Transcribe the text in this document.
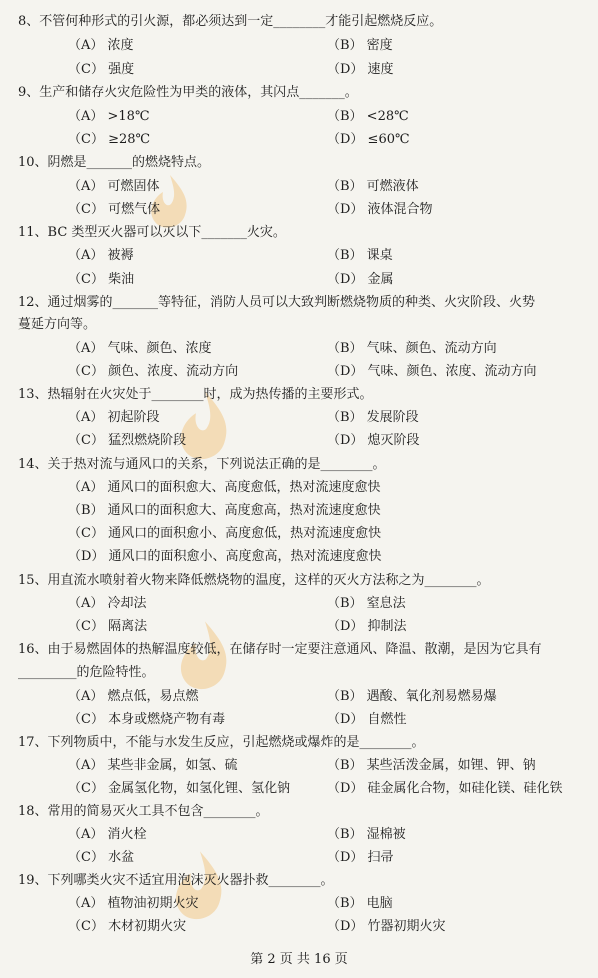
8、不管何种形式的引火源，都必须达到一定________才能引起燃烧反应。
（A） 浓度	（B） 密度
（C） 强度	（D） 速度
9、生产和储存火灾危险性为甲类的液体，其闪点_______。
（A） >18℃	（B） <28℃
（C） ≥28℃	（D） ≤60℃
10、阴燃是_______的燃烧特点。
（A） 可燃固体	（B） 可燃液体
（C） 可燃气体	（D） 液体混合物
11、BC 类型灭火器可以灭以下_______火灾。
（A） 被褥	（B） 课桌
（C） 柴油	（D） 金属
12、通过烟雾的_______等特征，消防人员可以大致判断燃烧物质的种类、火灾阶段、火势
蔓延方向等。
（A） 气味、颜色、浓度	（B） 气味、颜色、流动方向
（C） 颜色、浓度、流动方向	（D） 气味、颜色、浓度、流动方向
13、热辐射在火灾处于________时，成为热传播的主要形式。
（A） 初起阶段	（B） 发展阶段
（C） 猛烈燃烧阶段	（D） 熄灭阶段
14、关于热对流与通风口的关系，下列说法正确的是________。
（A） 通风口的面积愈大、高度愈低，热对流速度愈快
（B） 通风口的面积愈大、高度愈高，热对流速度愈快
（C） 通风口的面积愈小、高度愈低，热对流速度愈快
（D） 通风口的面积愈小、高度愈高，热对流速度愈快
15、用直流水喷射着火物来降低燃烧物的温度，这样的灭火方法称之为________。
（A） 冷却法	（B） 窒息法
（C） 隔离法	（D） 抑制法
16、由于易燃固体的热解温度较低，在储存时一定要注意通风、降温、散潮，是因为它具有
_________的危险特性。
（A） 燃点低，易点燃	（B） 遇酸、氧化剂易燃易爆
（C） 本身或燃烧产物有毒	（D） 自燃性
17、下列物质中，不能与水发生反应，引起燃烧或爆炸的是________。
（A） 某些非金属，如氢、硫	（B） 某些活泼金属，如锂、钾、钠
（C） 金属氢化物，如氢化锂、氢化钠	（D） 硅金属化合物，如硅化镁、硅化铁
18、常用的简易灭火工具不包含________。
（A） 消火栓	（B） 湿棉被
（C） 水盆	（D） 扫帚
19、下列哪类火灾不适宜用泡沫灭火器扑救________。
（A） 植物油初期火灾	（B） 电脑
（C） 木材初期火灾	（D） 竹器初期火灾
第 2 页 共 16 页
